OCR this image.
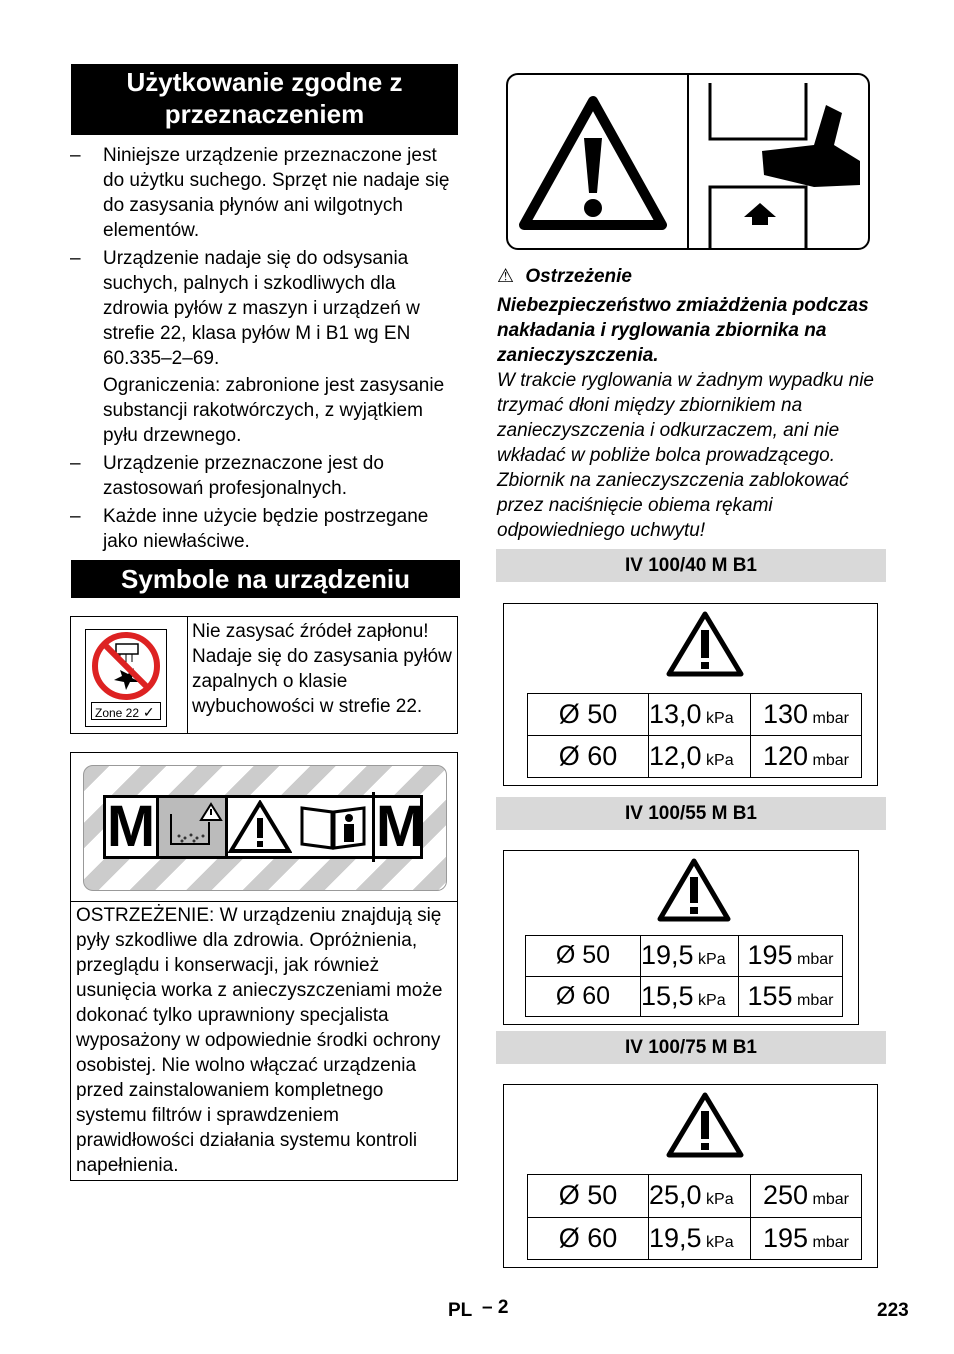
Użytkowanie zgodne z przeznaczeniem
– Niniejsze urządzenie przeznaczone jest do użytku suchego. Sprzęt nie nadaje się do zasysania płynów ani wilgotnych elementów.

– Urządzenie nadaje się do odsysania suchych, palnych i szkodliwych dla zdrowia pyłów z maszyn i urządzeń w strefie 22, klasa pyłów M i B1 wg EN 60.335–2–69.

Ograniczenia: zabronione jest zasysanie substancji rakotwórczych, z wyjątkiem pyłu drzewnego.

– Urządzenie przeznaczone jest do zastosowań profesjonalnych.

– Każde inne użycie będzie postrzegane jako niewłaściwe.

Symbole na urządzeniu
Zone 22 ✓
Nie zasysać źródeł zapłonu! Nadaje się do zasysania pyłów zapalnych o klasie wybuchowości w strefie 22.
M	M
OSTRZEŻENIE: W urządzeniu znajdują się pyły szkodliwe dla zdrowia. Opróżnienia, przeglądu i konserwacji, jak również usunięcia worka z anieczyszczeniami może dokonać tylko uprawniony specjalista wyposażony w odpowiednie środki ochrony osobistej. Nie wolno włączać urządzenia przed zainstalowaniem kompletnego systemu filtrów i sprawdzeniem prawidłowości działania systemu kontroli napełnienia.
⚠ Ostrzeżenie
Niebezpieczeństwo zmiażdżenia podczas nakładania i ryglowania zbiornika na zanieczyszczenia.
W trakcie ryglowania w żadnym wypadku nie trzymać dłoni między zbiornikiem na zanieczyszczenia i odkurzaczem, ani nie wkładać w pobliże bolca prowadzącego. Zbiornik na zanieczyszczenia zablokować przez naciśnięcie obiema rękami odpowiedniego uchwytu!
IV 100/40 M B1
Ø 50	13,0 kPa	130 mbar
Ø 60	12,0 kPa	120 mbar
IV 100/55 M B1
Ø 50	19,5 kPa	195 mbar
Ø 60	15,5 kPa	155 mbar
IV 100/75 M B1
Ø 50	25,0 kPa	250 mbar
Ø 60	19,5 kPa	195 mbar
PL – 2	223
